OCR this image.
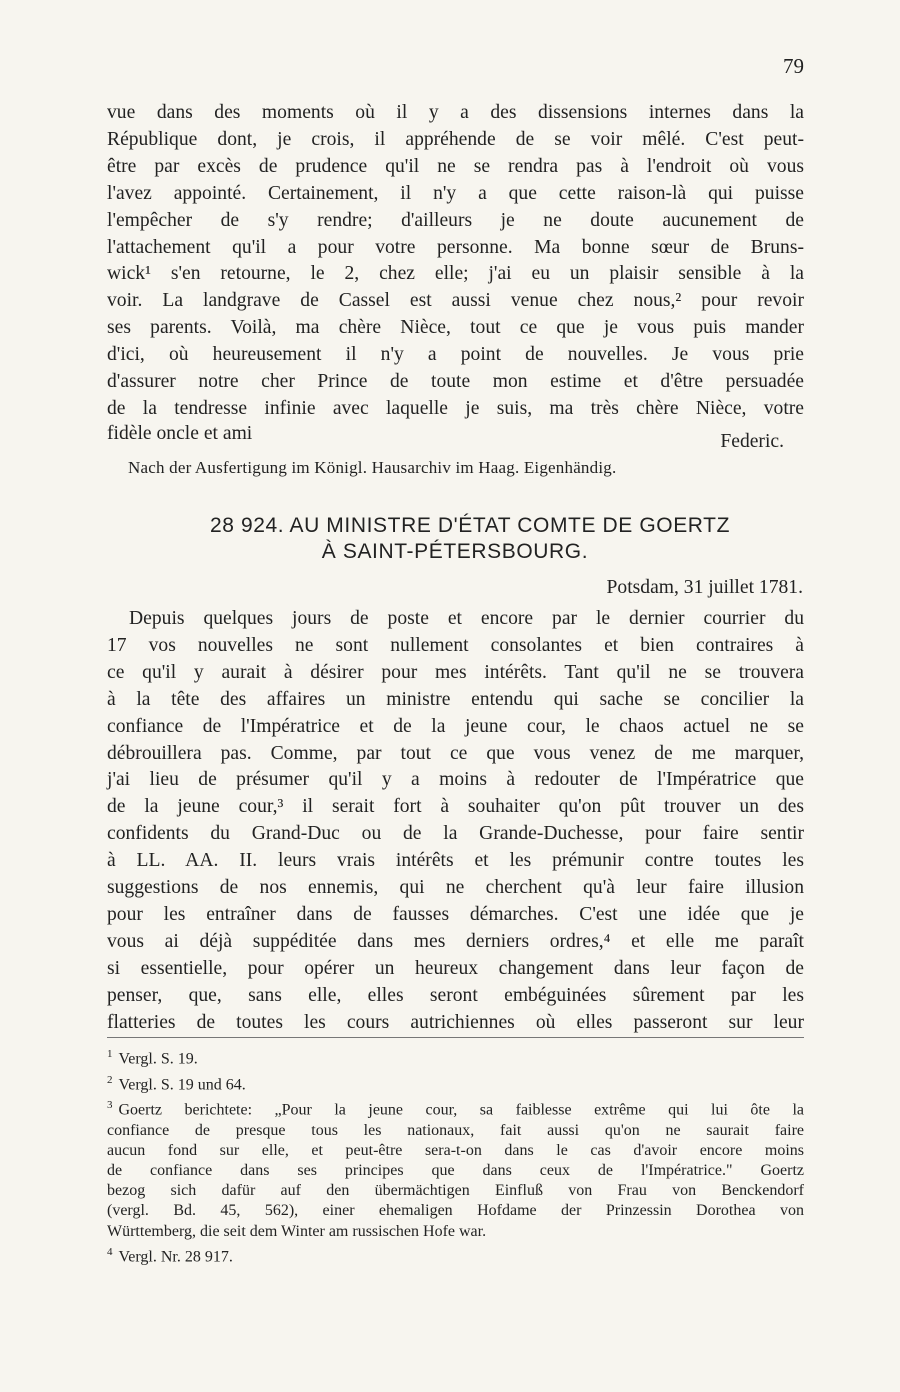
79
vue dans des moments où il y a des dissensions internes dans la
République dont, je crois, il appréhende de se voir mêlé. C'est peut-
être par excès de prudence qu'il ne se rendra pas à l'endroit où vous
l'avez appointé. Certainement, il n'y a que cette raison-là qui puisse
l'empêcher de s'y rendre; d'ailleurs je ne doute aucunement de
l'attachement qu'il a pour votre personne. Ma bonne sœur de Bruns-
wick¹ s'en retourne, le 2, chez elle; j'ai eu un plaisir sensible à la
voir. La landgrave de Cassel est aussi venue chez nous,² pour revoir
ses parents. Voilà, ma chère Nièce, tout ce que je vous puis mander
d'ici, où heureusement il n'y a point de nouvelles. Je vous prie
d'assurer notre cher Prince de toute mon estime et d'être persuadée
de la tendresse infinie avec laquelle je suis, ma très chère Nièce, votre
fidèle oncle et ami	Federic.
Nach der Ausfertigung im Königl. Hausarchiv im Haag. Eigenhändig.
28 924. AU MINISTRE D'ÉTAT COMTE DE GOERTZ
À SAINT-PÉTERSBOURG.
Potsdam, 31 juillet 1781.
Depuis quelques jours de poste et encore par le dernier courrier du
17 vos nouvelles ne sont nullement consolantes et bien contraires à
ce qu'il y aurait à désirer pour mes intérêts. Tant qu'il ne se trouvera
à la tête des affaires un ministre entendu qui sache se concilier la
confiance de l'Impératrice et de la jeune cour, le chaos actuel ne se
débrouillera pas. Comme, par tout ce que vous venez de me marquer,
j'ai lieu de présumer qu'il y a moins à redouter de l'Impératrice que
de la jeune cour,³ il serait fort à souhaiter qu'on pût trouver un des
confidents du Grand-Duc ou de la Grande-Duchesse, pour faire sentir
à LL. AA. II. leurs vrais intérêts et les prémunir contre toutes les
suggestions de nos ennemis, qui ne cherchent qu'à leur faire illusion
pour les entraîner dans de fausses démarches. C'est une idée que je
vous ai déjà suppéditée dans mes derniers ordres,⁴ et elle me paraît
si essentielle, pour opérer un heureux changement dans leur façon de
penser, que, sans elle, elles seront embéguinées sûrement par les
flatteries de toutes les cours autrichiennes où elles passeront sur leur
$^1$ Vergl. S. 19.
$^2$ Vergl. S. 19 und 64.
$^3$ Goertz berichtete: „Pour la jeune cour, sa faiblesse extrême qui lui ôte la
confiance de presque tous les nationaux, fait aussi qu'on ne saurait faire
aucun fond sur elle, et peut-être sera-t-on dans le cas d'avoir encore moins
de confiance dans ses principes que dans ceux de l'Impératrice." Goertz
bezog sich dafür auf den übermächtigen Einfluß von Frau von Benckendorf
(vergl. Bd. 45, 562), einer ehemaligen Hofdame der Prinzessin Dorothea von
Württemberg, die seit dem Winter am russischen Hofe war.
$^4$ Vergl. Nr. 28 917.
